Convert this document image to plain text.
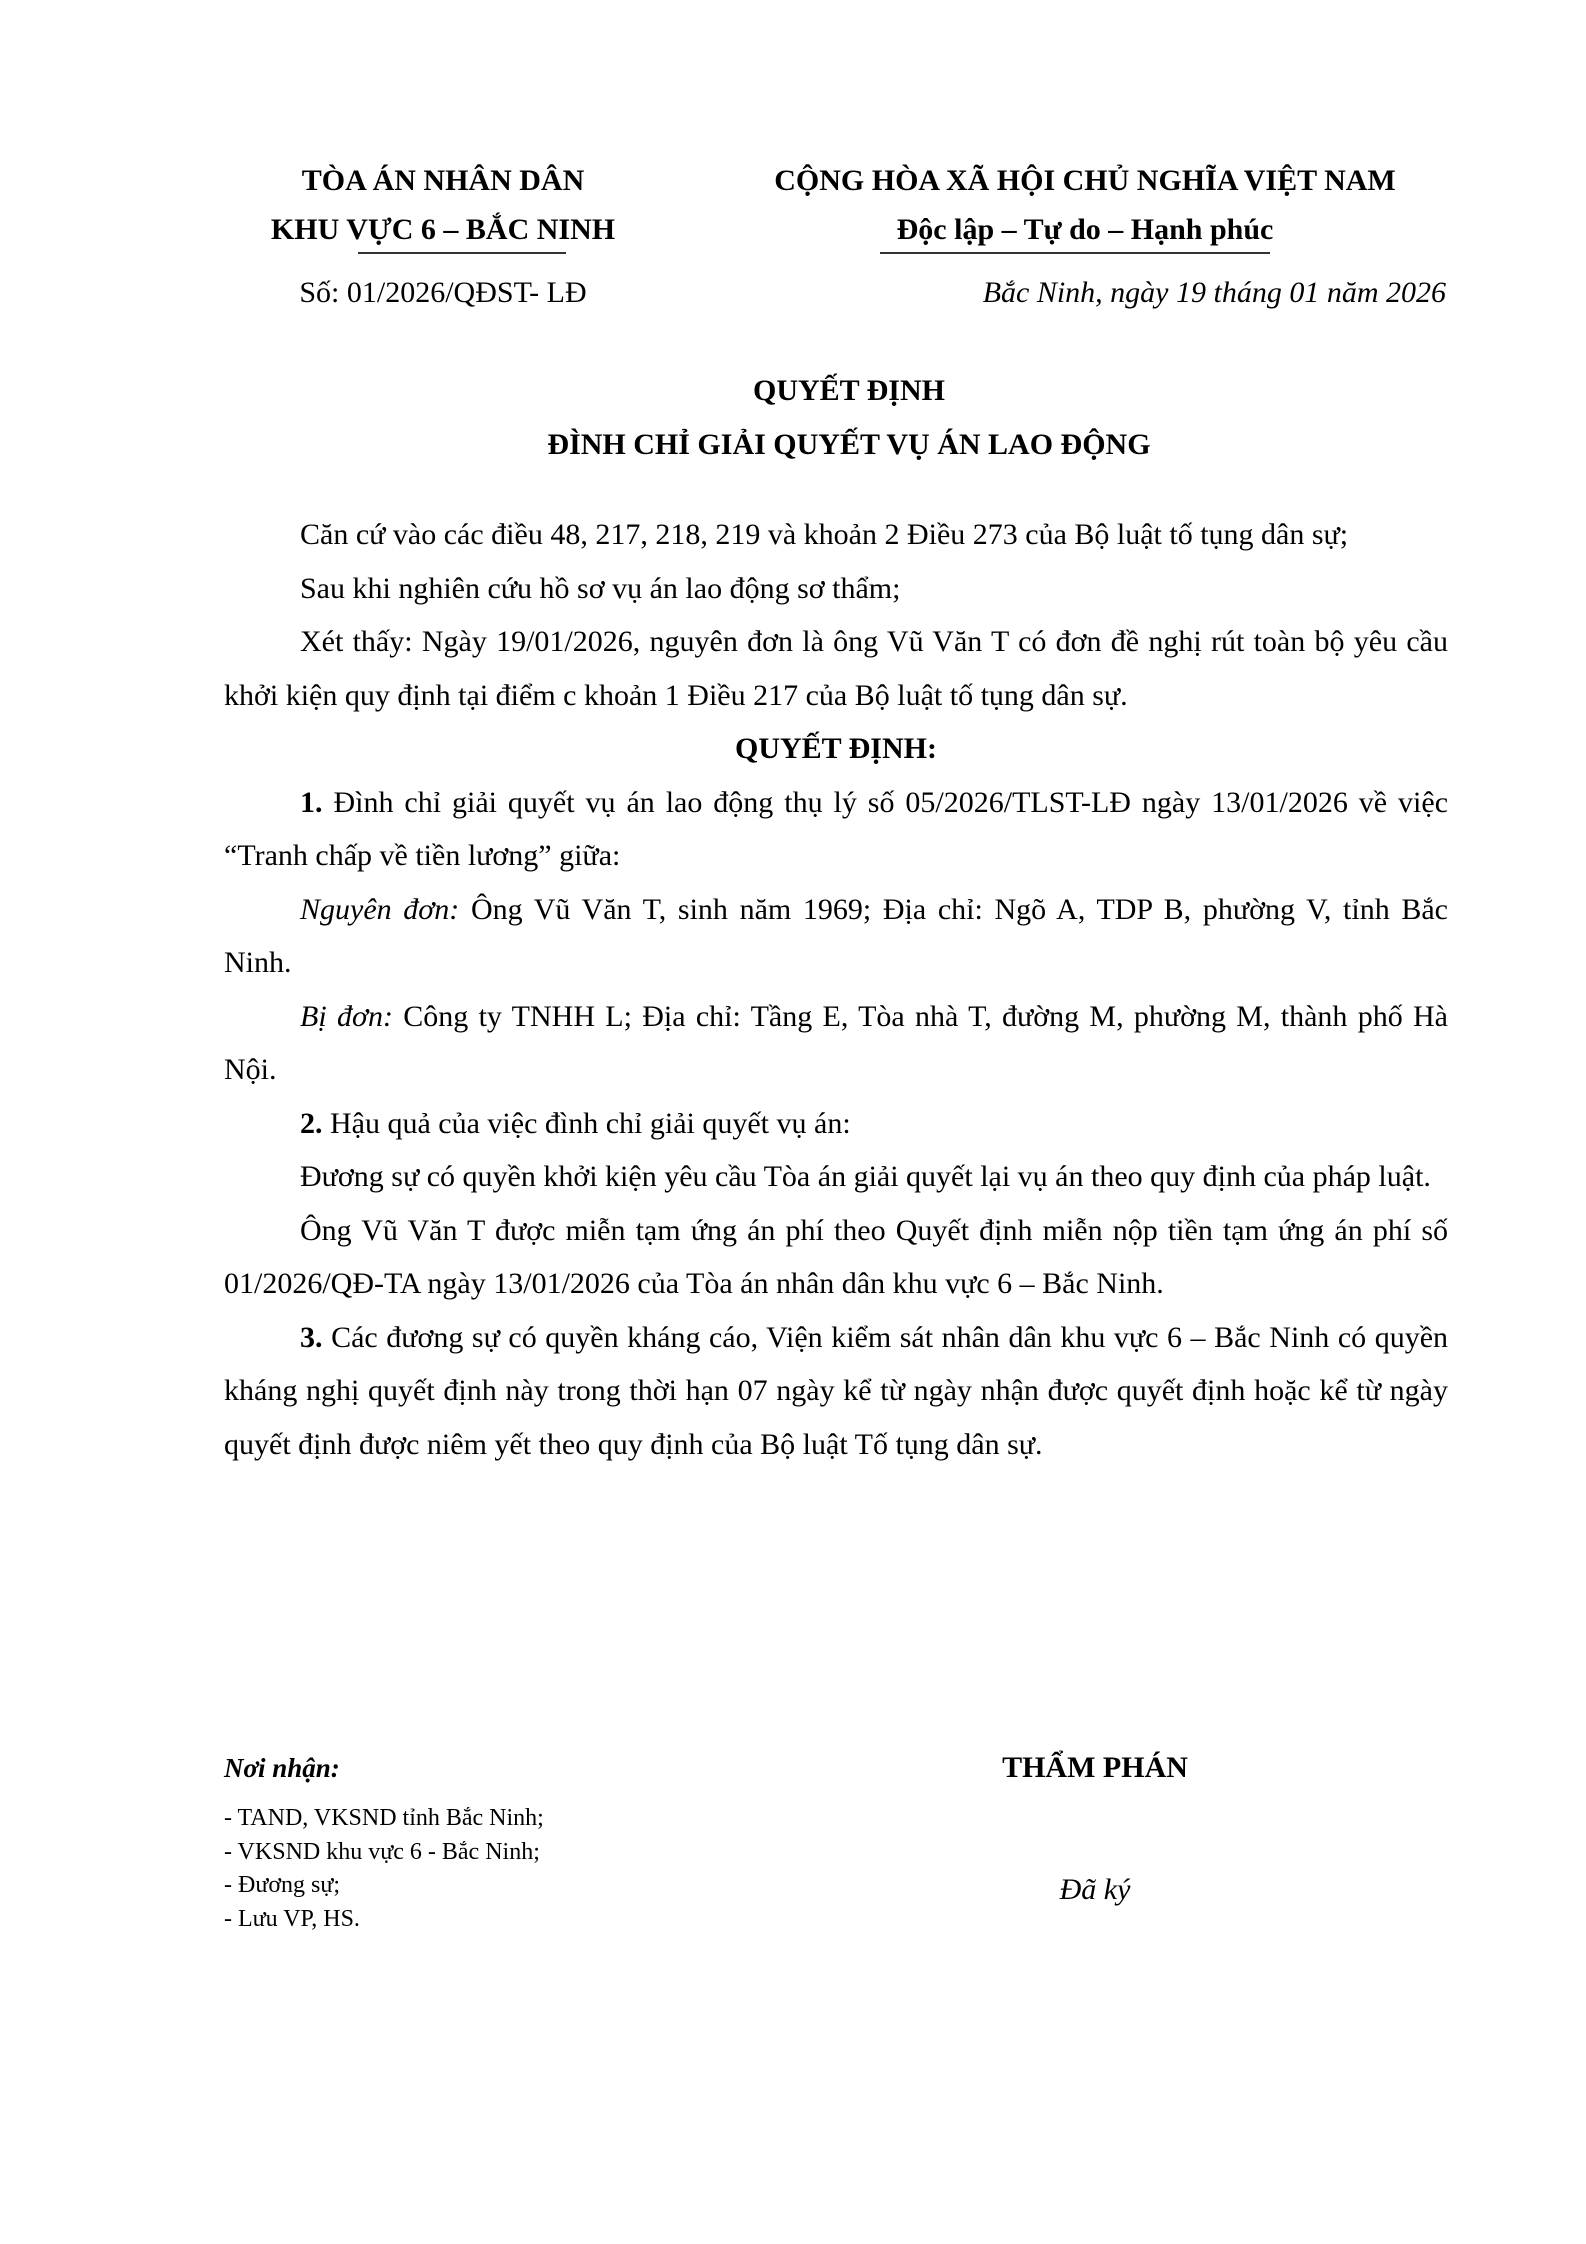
TÒA ÁN NHÂN DÂN
KHU VỰC 6 – BẮC NINH
Số: 01/2026/QĐST- LĐ
CỘNG HÒA XÃ HỘI CHỦ NGHĨA VIỆT NAM
Độc lập – Tự do – Hạnh phúc
Bắc Ninh, ngày 19 tháng 01 năm 2026
QUYẾT ĐỊNH
ĐÌNH CHỈ GIẢI QUYẾT VỤ ÁN LAO ĐỘNG

Căn cứ vào các điều 48, 217, 218, 219 và khoản 2 Điều 273 của Bộ luật tố tụng dân sự;

Sau khi nghiên cứu hồ sơ vụ án lao động sơ thẩm;

Xét thấy: Ngày 19/01/2026, nguyên đơn là ông Vũ Văn T có đơn đề nghị rút toàn bộ yêu cầu khởi kiện quy định tại điểm c khoản 1 Điều 217 của Bộ luật tố tụng dân sự.

QUYẾT ĐỊNH:

1. Đình chỉ giải quyết vụ án lao động thụ lý số 05/2026/TLST-LĐ ngày 13/01/2026 về việc “Tranh chấp về tiền lương” giữa:

Nguyên đơn: Ông Vũ Văn T, sinh năm 1969; Địa chỉ: Ngõ A, TDP B, phường V, tỉnh Bắc Ninh.

Bị đơn: Công ty TNHH L; Địa chỉ: Tầng E, Tòa nhà T, đường M, phường M, thành phố Hà Nội.

2. Hậu quả của việc đình chỉ giải quyết vụ án:

Đương sự có quyền khởi kiện yêu cầu Tòa án giải quyết lại vụ án theo quy định của pháp luật.

Ông Vũ Văn T được miễn tạm ứng án phí theo Quyết định miễn nộp tiền tạm ứng án phí số 01/2026/QĐ-TA ngày 13/01/2026 của Tòa án nhân dân khu vực 6 – Bắc Ninh.

3. Các đương sự có quyền kháng cáo, Viện kiểm sát nhân dân khu vực 6 – Bắc Ninh có quyền kháng nghị quyết định này trong thời hạn 07 ngày kể từ ngày nhận được quyết định hoặc kể từ ngày quyết định được niêm yết theo quy định của Bộ luật Tố tụng dân sự.

Nơi nhận:
- TAND, VKSND tỉnh Bắc Ninh;
- VKSND khu vực 6 - Bắc Ninh;
- Đương sự;
- Lưu VP, HS.
THẨM PHÁN
Đã ký
